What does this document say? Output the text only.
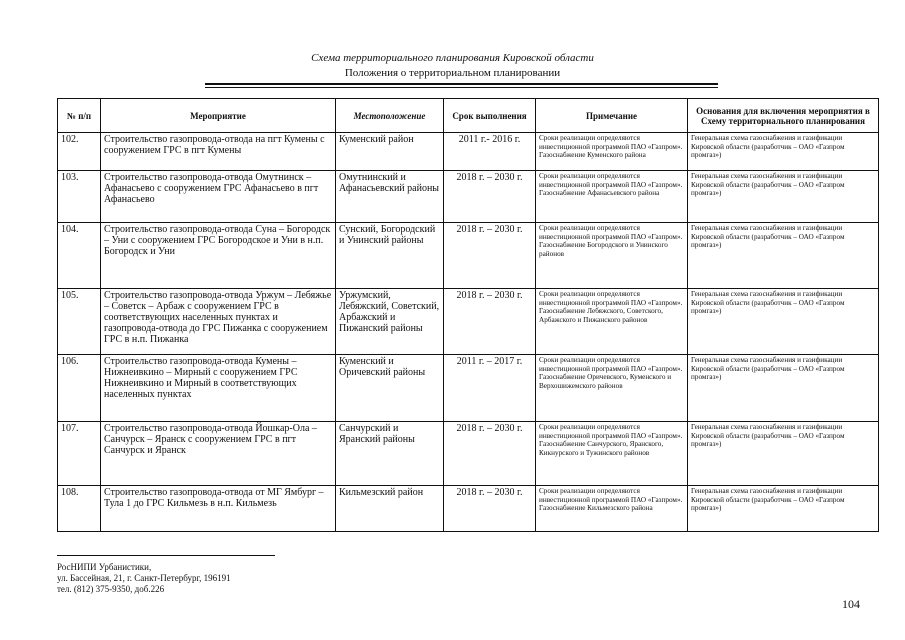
Схема территориального планирования Кировской области
Положения о территориальном планировании
№ п/п	Мероприятие	Местоположение	Срок выполнения	Примечание	Основания для включения мероприятия в Схему территориального планирования
102.	Строительство газопровода-отвода на пгт Кумены с сооружением ГРС в пгт Кумены	Куменский район	2011 г.- 2016 г.	Сроки реализации определяются инвестиционной программой ПАО «Газпром». Газоснабжение Куменского района	Генеральная схема газоснабжения и газификации Кировской области (разработчик – ОАО «Газпром промгаз»)
103.	Строительство газопровода-отвода Омутнинск – Афанасьево с сооружением ГРС Афанасьево в пгт Афанасьево	Омутнинский и Афанасьевский районы	2018 г. – 2030 г.	Сроки реализации определяются инвестиционной программой ПАО «Газпром». Газоснабжение Афанасьевского района	Генеральная схема газоснабжения и газификации Кировской области (разработчик – ОАО «Газпром промгаз»)
104.	Строительство газопровода-отвода Суна – Богородск – Уни с сооружением ГРС Богородское и Уни в н.п. Богородск и Уни	Сунский, Богородский и Унинский районы	2018 г. – 2030 г.	Сроки реализации определяются инвестиционной программой ПАО «Газпром». Газоснабжение Богородского и Унинского районов	Генеральная схема газоснабжения и газификации Кировской области (разработчик – ОАО «Газпром промгаз»)
105.	Строительство газопровода-отвода Уржум – Лебяжье – Советск – Арбаж с сооружением ГРС в соответствующих населенных пунктах и газопровода-отвода до ГРС Пижанка с сооружением ГРС в н.п. Пижанка	Уржумский, Лебяжский, Советский, Арбажский и Пижанский районы	2018 г. – 2030 г.	Сроки реализации определяются инвестиционной программой ПАО «Газпром». Газоснабжение Лебяжского, Советского, Арбажского и Пижанского районов	Генеральная схема газоснабжения и газификации Кировской области (разработчик – ОАО «Газпром промгаз»)
106.	Строительство газопровода-отвода Кумены – Нижнеивкино – Мирный с сооружением ГРС Нижнеивкино и Мирный в соответствующих населенных пунктах	Куменский и Оричевский районы	2011 г. – 2017 г.	Сроки реализации определяются инвестиционной программой ПАО «Газпром». Газоснабжение Оричевского, Куменского и Верхошижемского районов	Генеральная схема газоснабжения и газификации Кировской области (разработчик – ОАО «Газпром промгаз»)
107.	Строительство газопровода-отвода Йошкар-Ола – Санчурск – Яранск с сооружением ГРС в пгт Санчурск и Яранск	Санчурский и Яранский районы	2018 г. – 2030 г.	Сроки реализации определяются инвестиционной программой ПАО «Газпром». Газоснабжение Санчурского, Яранского, Кикнурского и Тужинского районов	Генеральная схема газоснабжения и газификации Кировской области (разработчик – ОАО «Газпром промгаз»)
108.	Строительство газопровода-отвода от МГ Ямбург – Тула 1 до ГРС Кильмезь в н.п. Кильмезь	Кильмезский район	2018 г. – 2030 г.	Сроки реализации определяются инвестиционной программой ПАО «Газпром». Газоснабжение Кильмезского района	Генеральная схема газоснабжения и газификации Кировской области (разработчик – ОАО «Газпром промгаз»)
РосНИПИ Урбанистики,
ул. Бассейная, 21, г. Санкт-Петербург, 196191
тел. (812) 375-9350, доб.226
104
